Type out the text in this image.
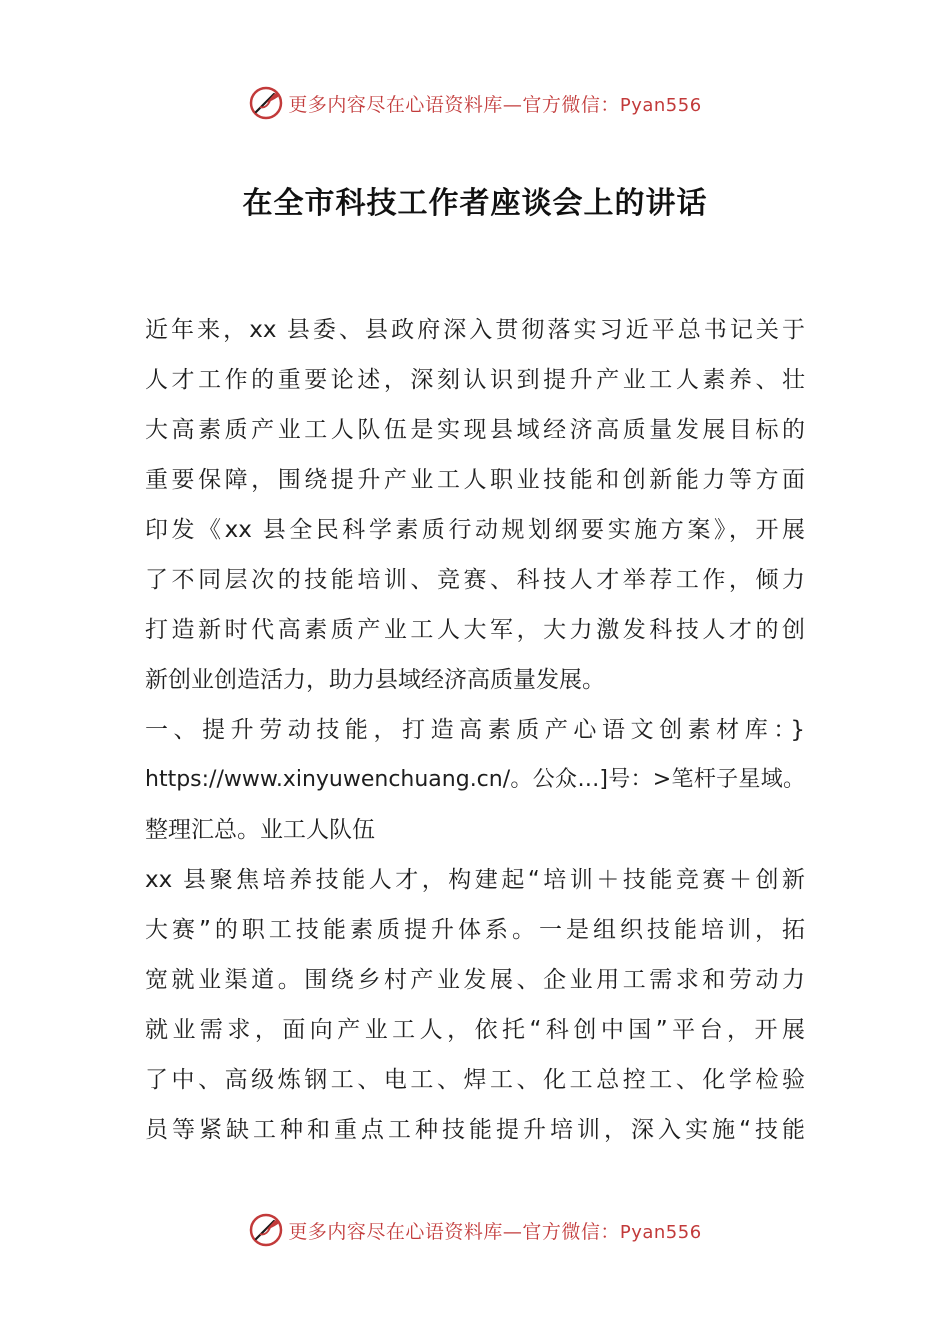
更多内容尽在心语资料库—官方微信：Pyan556
在全市科技工作者座谈会上的讲话
近年来，xx 县委、县政府深入贯彻落实习近平总书记关于
人才工作的重要论述，深刻认识到提升产业工人素养、壮
大高素质产业工人队伍是实现县域经济高质量发展目标的
重要保障，围绕提升产业工人职业技能和创新能力等方面
印发《xx 县全民科学素质行动规划纲要实施方案》，开展
了不同层次的技能培训、竞赛、科技人才举荐工作，倾力
打造新时代高素质产业工人大军，大力激发科技人才的创
新创业创造活力，助力县域经济高质量发展。
一、提升劳动技能，打造高素质产心语文创素材库：}
https://www.xinyuwenchuang.cn/。公众…]号：>笔杆子星域。
整理汇总。业工人队伍
xx 县聚焦培养技能人才，构建起“培训＋技能竞赛＋创新
大赛”的职工技能素质提升体系。一是组织技能培训，拓
宽就业渠道。围绕乡村产业发展、企业用工需求和劳动力
就业需求，面向产业工人，依托“科创中国”平台，开展
了中、高级炼钢工、电工、焊工、化工总控工、化学检验
员等紧缺工种和重点工种技能提升培训，深入实施“技能
更多内容尽在心语资料库—官方微信：Pyan556
